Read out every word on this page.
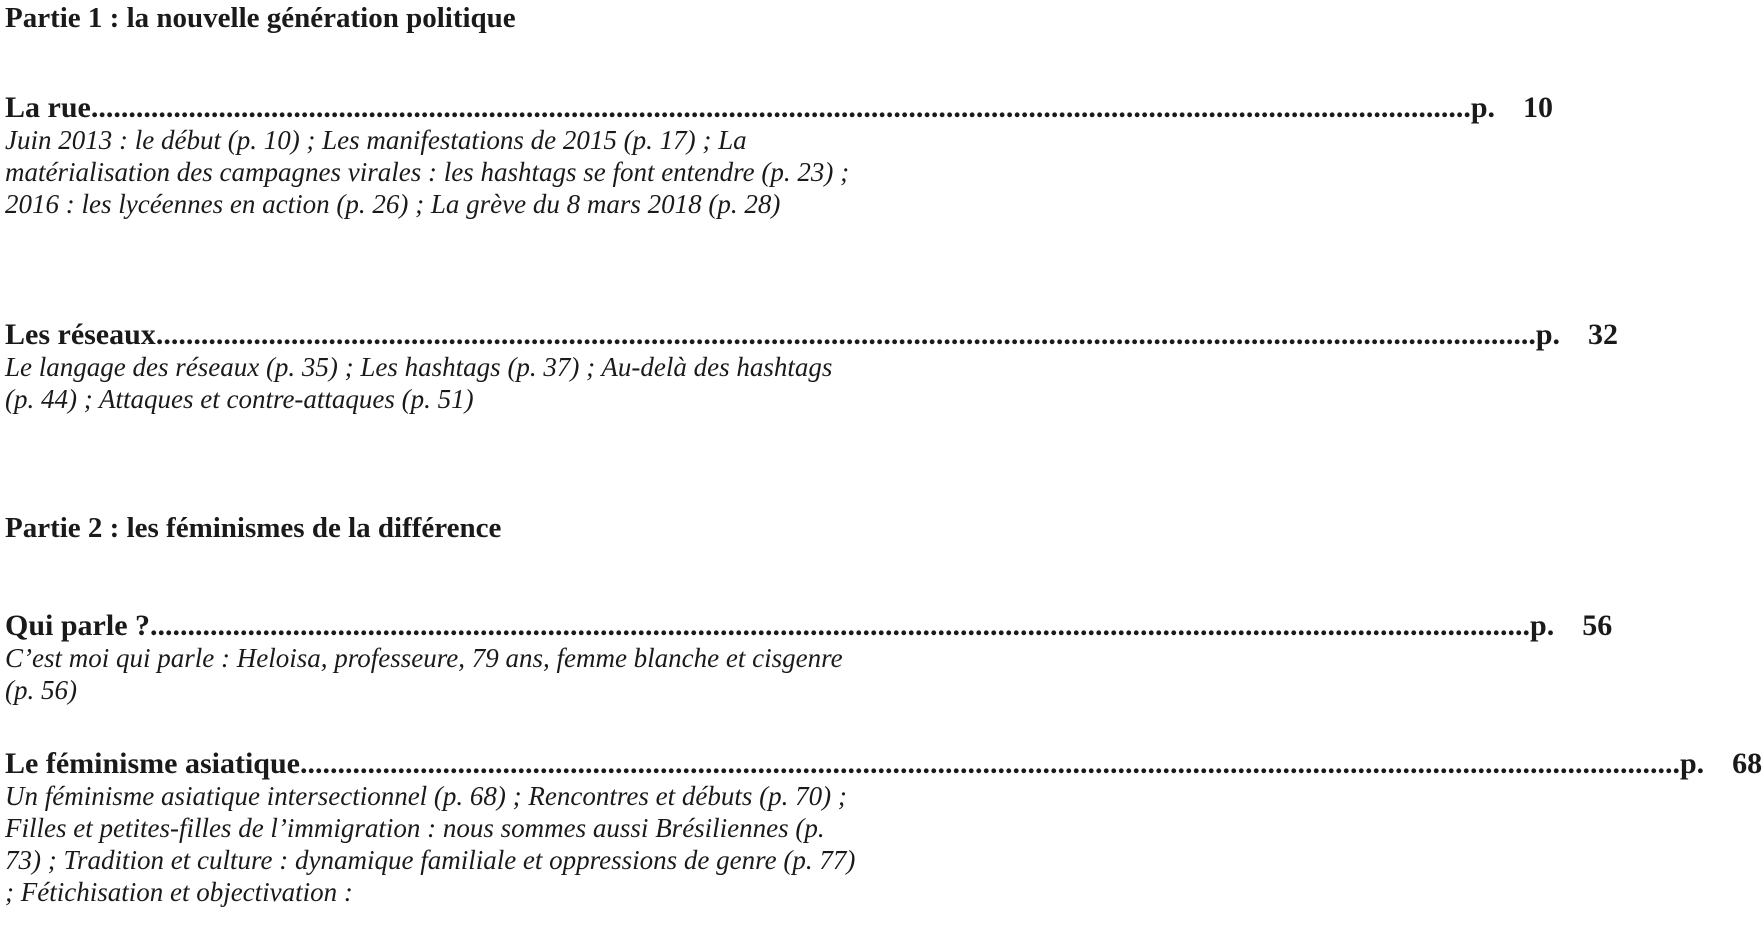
Partie 1 : la nouvelle génération politique
La rue ........................................................................................................................................................................................ p. 10
Juin 2013 : le début (p. 10) ; Les manifestations de 2015 (p. 17) ; La matérialisation des campagnes virales : les hashtags se font entendre (p. 23) ; 2016 : les lycéennes en action (p. 26) ; La grève du 8 mars 2018 (p. 28)
Les réseaux ........................................................................................................................................................................................ p. 32
Le langage des réseaux (p. 35) ; Les hashtags (p. 37) ; Au-delà des hashtags (p. 44) ; Attaques et contre-attaques (p. 51)
Partie 2 : les féminismes de la différence
Qui parle ? ........................................................................................................................................................................................ p. 56
C’est moi qui parle : Heloisa, professeure, 79 ans, femme blanche et cisgenre (p. 56)
Le féminisme asiatique ........................................................................................................................................................................................ p. 68
Un féminisme asiatique intersectionnel (p. 68) ; Rencontres et débuts (p. 70) ; Filles et petites-filles de l’immigration : nous sommes aussi Brésiliennes (p. 73) ; Tradition et culture : dynamique familiale et oppressions de genre (p. 77) ; Fétichisation et objectivation :
